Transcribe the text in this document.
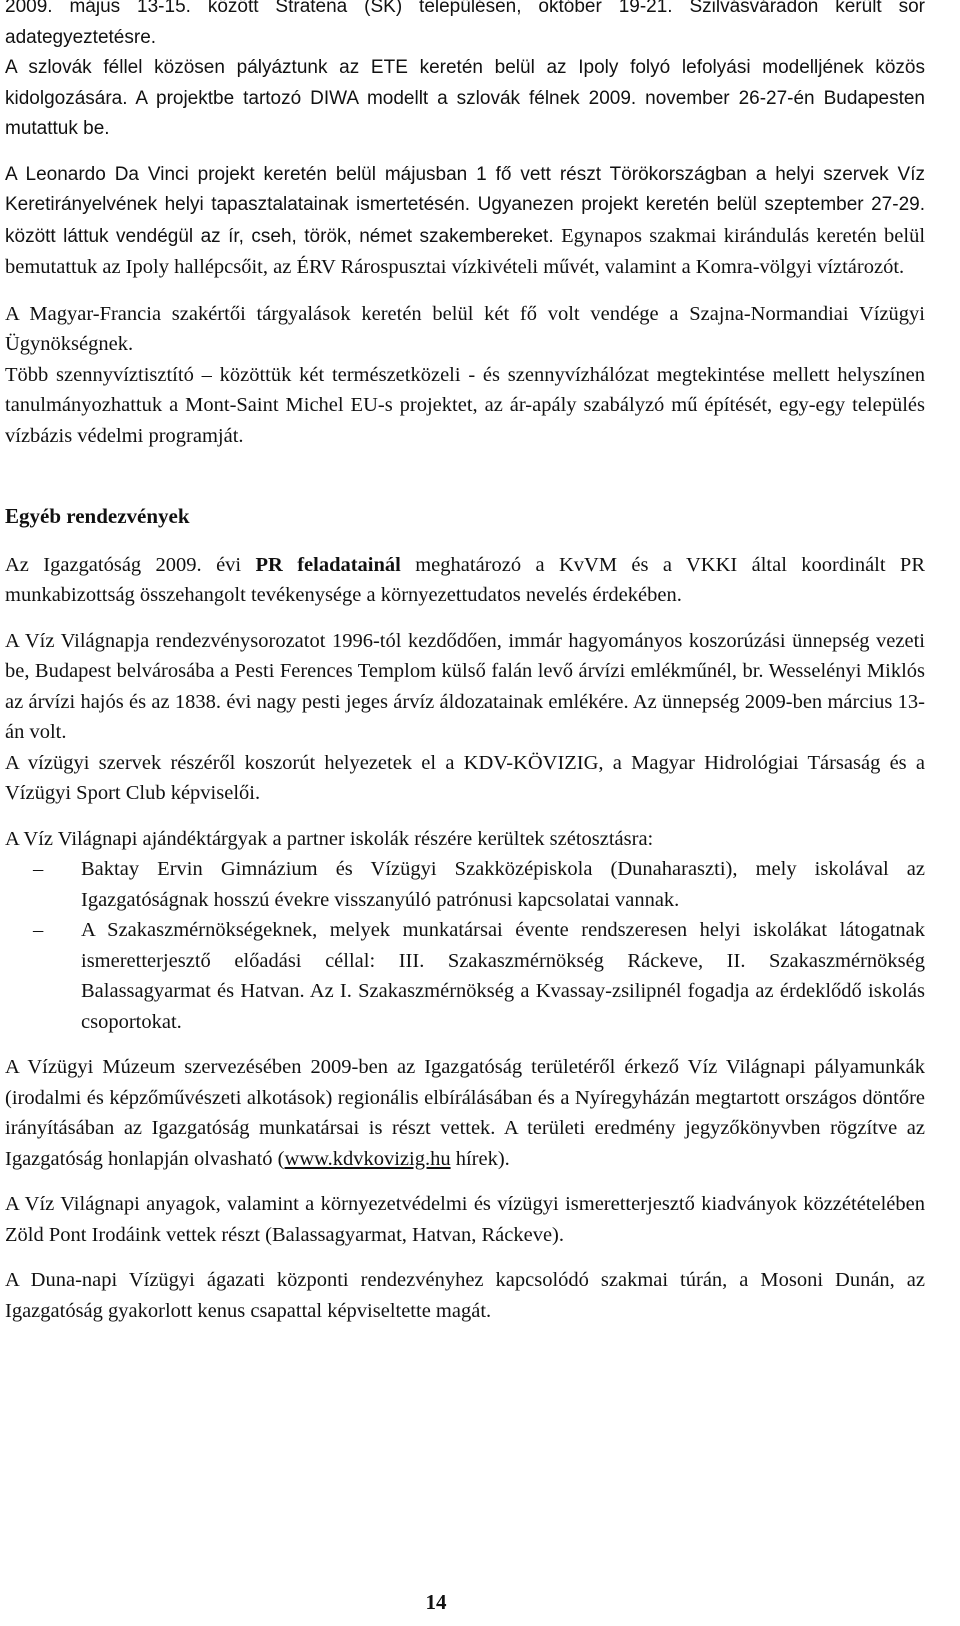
2009. május 13-15. között Stratena (SK) településen, október 19-21. Szilvásváradon került sor adategyeztetésre.

A szlovák féllel közösen pályáztunk az ETE keretén belül az Ipoly folyó lefolyási modelljének közös kidolgozására. A projektbe tartozó DIWA modellt a szlovák félnek 2009. november 26-27-én Budapesten mutattuk be.

A Leonardo Da Vinci projekt keretén belül májusban 1 fő vett részt Törökországban a helyi szervek Víz Keretirányelvének helyi tapasztalatainak ismertetésén. Ugyanezen projekt keretén belül szeptember 27-29. között láttuk vendégül az ír, cseh, török, német szakembereket. Egynapos szakmai kirándulás keretén belül bemutattuk az Ipoly hallépcsőit, az ÉRV Rárospusztai vízkivételi művét, valamint a Komra-völgyi víztározót.

A Magyar-Francia szakértői tárgyalások keretén belül két fő volt vendége a Szajna-Normandiai Vízügyi Ügynökségnek.

Több szennyvíztisztító – közöttük két természetközeli - és szennyvízhálózat megtekintése mellett helyszínen tanulmányozhattuk a Mont-Saint Michel EU-s projektet, az ár-apály szabályzó mű építését, egy-egy település vízbázis védelmi programját.

Egyéb rendezvények

Az Igazgatóság 2009. évi PR feladatainál meghatározó a KvVM és a VKKI által koordinált PR munkabizottság összehangolt tevékenysége a környezettudatos nevelés érdekében.

A Víz Világnapja rendezvénysorozatot 1996-tól kezdődően, immár hagyományos koszorúzási ünnepség vezeti be, Budapest belvárosába a Pesti Ferences Templom külső falán levő árvízi emlékműnél, br. Wesselényi Miklós az árvízi hajós és az 1838. évi nagy pesti jeges árvíz áldozatainak emlékére. Az ünnepség 2009-ben március 13-án volt.

A vízügyi szervek részéről koszorút helyezetek el a KDV-KÖVIZIG, a Magyar Hidrológiai Társaság és a Vízügyi Sport Club képviselői.

A Víz Világnapi ajándéktárgyak a partner iskolák részére kerültek szétosztásra:

– Baktay Ervin Gimnázium és Vízügyi Szakközépiskola (Dunaharaszti), mely iskolával az Igazgatóságnak hosszú évekre visszanyúló patrónusi kapcsolatai vannak.
– A Szakaszmérnökségeknek, melyek munkatársai évente rendszeresen helyi iskolákat látogatnak ismeretterjesztő előadási céllal: III. Szakaszmérnökség Ráckeve, II. Szakaszmérnökség Balassagyarmat és Hatvan. Az I. Szakaszmérnökség a Kvassay-zsilipnél fogadja az érdeklődő iskolás csoportokat.

A Vízügyi Múzeum szervezésében 2009-ben az Igazgatóság területéről érkező Víz Világnapi pályamunkák (irodalmi és képzőművészeti alkotások) regionális elbírálásában és a Nyíregyházán megtartott országos döntőre irányításában az Igazgatóság munkatársai is részt vettek. A területi eredmény jegyzőkönyvben rögzítve az Igazgatóság honlapján olvasható (www.kdvkovizig.hu hírek).

A Víz Világnapi anyagok, valamint a környezetvédelmi és vízügyi ismeretterjesztő kiadványok közzétételében Zöld Pont Irodáink vettek részt (Balassagyarmat, Hatvan, Ráckeve).

A Duna-napi Vízügyi ágazati központi rendezvényhez kapcsolódó szakmai túrán, a Mosoni Dunán, az Igazgatóság gyakorlott kenus csapattal képviseltette magát.

14
